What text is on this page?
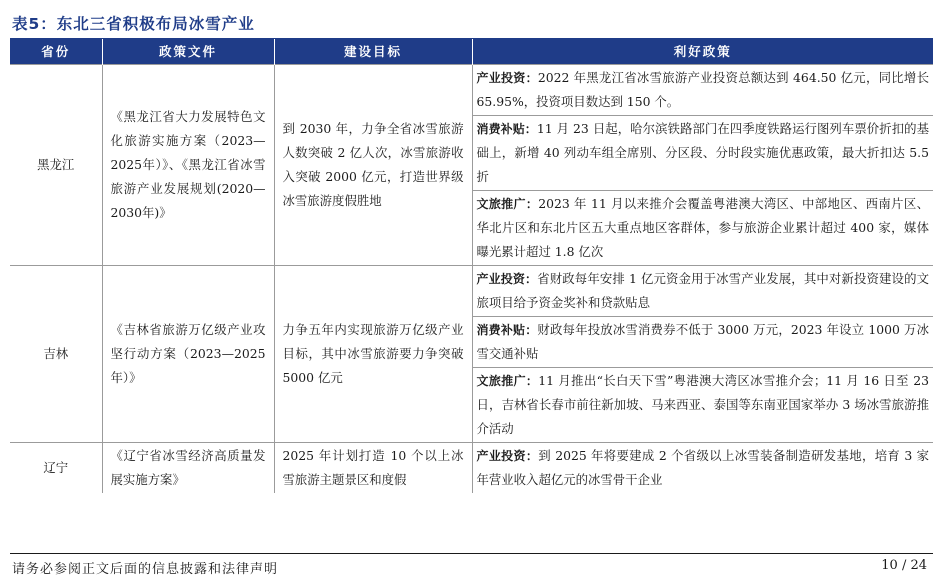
表5：东北三省积极布局冰雪产业
省份	政策文件	建设目标	利好政策
黑龙江	《黑龙江省大力发展特色文化旅游实施方案（2023—2025年）》、《黑龙江省冰雪旅游产业发展规划(2020—2030年)》	到 2030 年，力争全省冰雪旅游人数突破 2 亿人次，冰雪旅游收入突破 2000 亿元，打造世界级冰雪旅游度假胜地	产业投资：2022 年黑龙江省冰雪旅游产业投资总额达到 464.50 亿元，同比增长 65.95%，投资项目数达到 150 个。
			消费补贴：11 月 23 日起，哈尔滨铁路部门在四季度铁路运行图列车票价折扣的基础上，新增 40 列动车组全席别、分区段、分时段实施优惠政策，最大折扣达 5.5 折
			文旅推广：2023 年 11 月以来推介会覆盖粤港澳大湾区、中部地区、西南片区、华北片区和东北片区五大重点地区客群体，参与旅游企业累计超过 400 家，媒体曝光累计超过 1.8 亿次
吉林	《吉林省旅游万亿级产业攻坚行动方案（2023—2025 年）》	力争五年内实现旅游万亿级产业目标，其中冰雪旅游要力争突破 5000 亿元	产业投资：省财政每年安排 1 亿元资金用于冰雪产业发展，其中对新投资建设的文旅项目给予资金奖补和贷款贴息
			消费补贴：财政每年投放冰雪消费券不低于 3000 万元，2023 年设立 1000 万冰雪交通补贴
			文旅推广：11 月推出“长白天下雪”粤港澳大湾区冰雪推介会；11 月 16 日至 23 日，吉林省长春市前往新加坡、马来西亚、泰国等东南亚国家举办 3 场冰雪旅游推介活动
辽宁	《辽宁省冰雪经济高质量发展实施方案》	2025 年计划打造 10 个以上冰雪旅游主题景区和度假	产业投资：到 2025 年将要建成 2 个省级以上冰雪装备制造研发基地，培育 3 家年营业收入超亿元的冰雪骨干企业
请务必参阅正文后面的信息披露和法律声明	10 / 24
